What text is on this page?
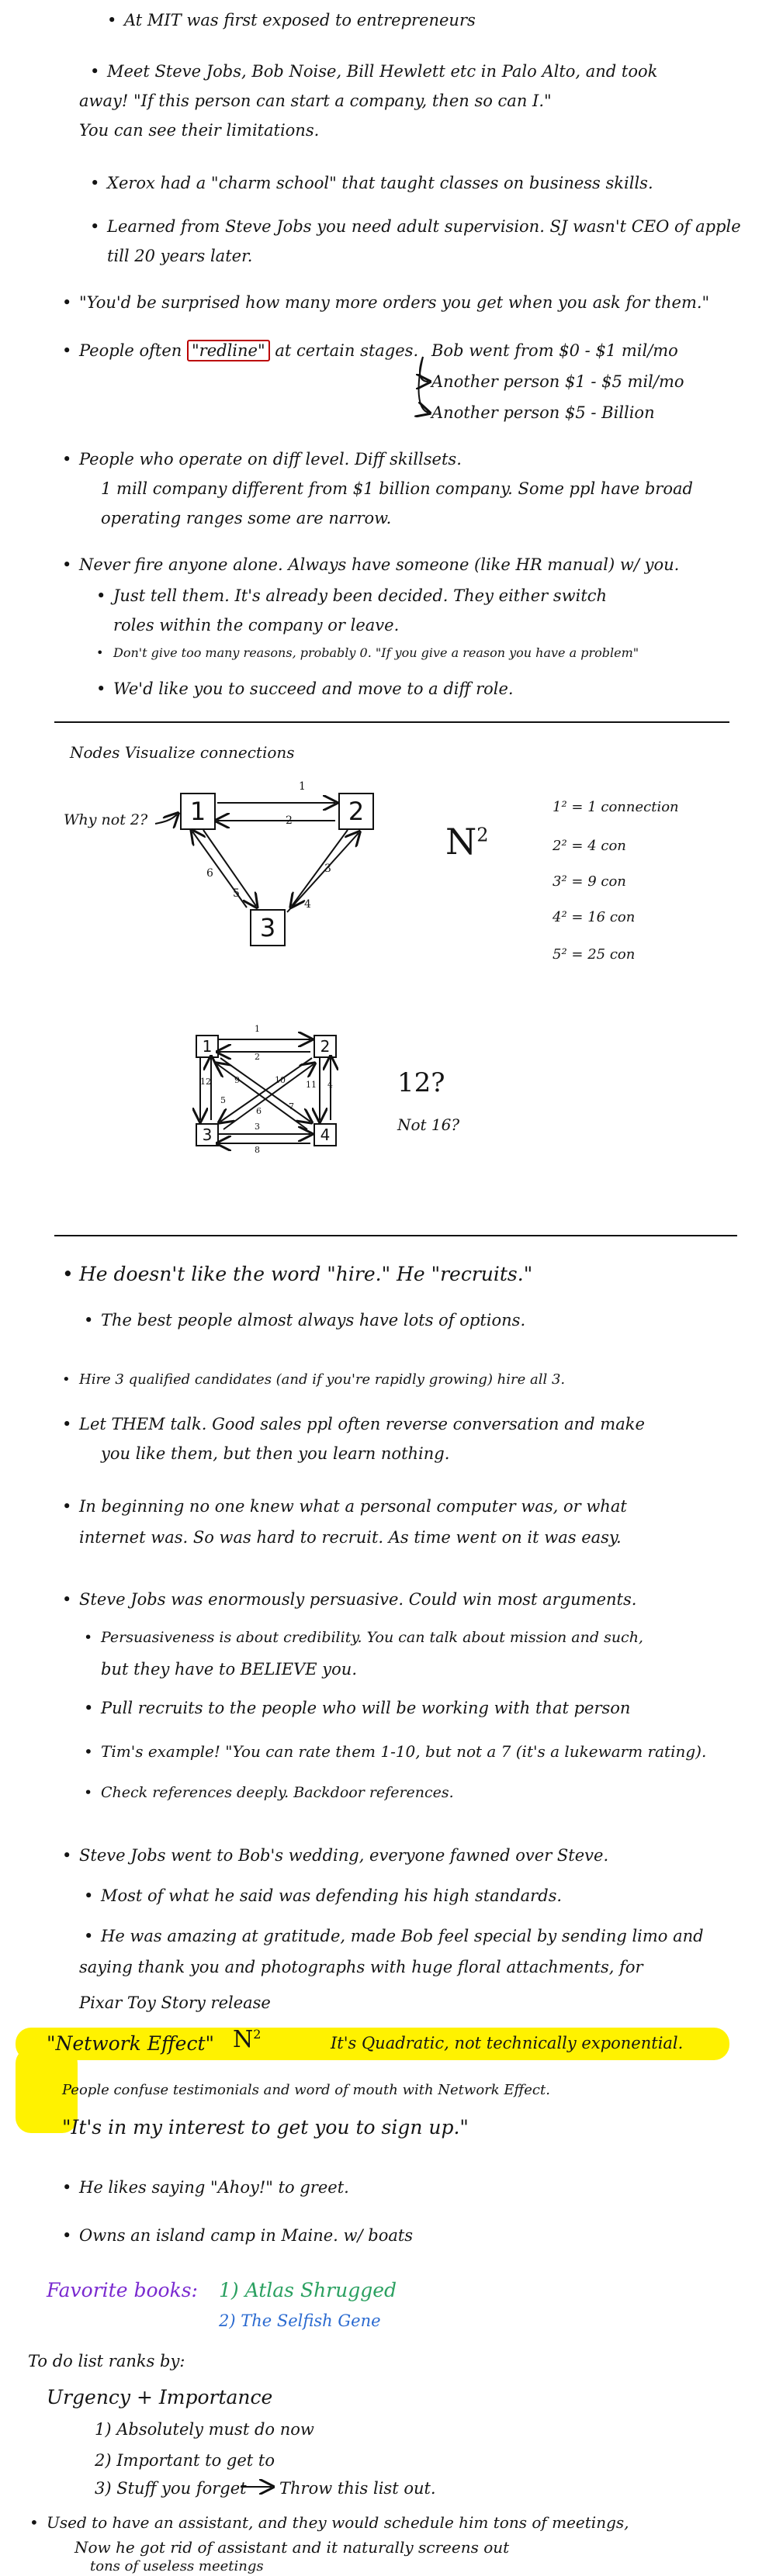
• At MIT was first exposed to entrepreneurs
• Meet Steve Jobs, Bob Noise, Bill Hewlett etc in Palo Alto, and took
away! "If this person can start a company, then so can I."
You can see their limitations.
• Xerox had a "charm school" that taught classes on business skills.
• Learned from Steve Jobs you need adult supervision. SJ wasn't CEO of apple
till 20 years later.
• "You'd be surprised how many more orders you get when you ask for them."
• People often "redline" at certain stages. Bob went from $0 - $1 mil/mo
Another person $1 - $5 mil/mo
Another person $5 - Billion
• People who operate on diff level. Diff skillsets.
1 mill company different from $1 billion company. Some ppl have broad
operating ranges some are narrow.
• Never fire anyone alone. Always have someone (like HR manual) w/ you.
• Just tell them. It's already been decided. They either switch
roles within the company or leave.
• Don't give too many reasons, probably 0. "If you give a reason you have a problem"
• We'd like you to succeed and move to a diff role.
Nodes Visualize connections
Why not 2?	1	2
3
1
2
6
5
3
4
$N^2$
1² = 1 connection
2² = 4 con
3² = 9 con
4² = 16 con
5² = 25 con
1	2
3	4
1
2
12	9	10 11 4
5
6	7
3
8
12?
Not 16?
• He doesn't like the word "hire." He "recruits."
• The best people almost always have lots of options.
• Hire 3 qualified candidates (and if you're rapidly growing) hire all 3.
• Let THEM talk. Good sales ppl often reverse conversation and make
you like them, but then you learn nothing.
• In beginning no one knew what a personal computer was, or what
internet was. So was hard to recruit. As time went on it was easy.
• Steve Jobs was enormously persuasive. Could win most arguments.
• Persuasiveness is about credibility. You can talk about mission and such,
but they have to BELIEVE you.
• Pull recruits to the people who will be working with that person
• Tim's example! "You can rate them 1-10, but not a 7 (it's a lukewarm rating).
• Check references deeply. Backdoor references.
• Steve Jobs went to Bob's wedding, everyone fawned over Steve.
• Most of what he said was defending his high standards.
• He was amazing at gratitude, made Bob feel special by sending limo and
saying thank you and photographs with huge floral attachments, for
Pixar Toy Story release
"Network Effect" $N^2$	It's Quadratic, not technically exponential.
People confuse testimonials and word of mouth with Network Effect.
"It's in my interest to get you to sign up."
• He likes saying "Ahoy!" to greet.
• Owns an island camp in Maine. w/ boats
Favorite books: 1) Atlas Shrugged
2) The Selfish Gene
To do list ranks by:
Urgency + Importance
1) Absolutely must do now
2) Important to get to
3) Stuff you forget Throw this list out.
• Used to have an assistant, and they would schedule him tons of meetings,
Now he got rid of assistant and it naturally screens out
tons of useless meetings
